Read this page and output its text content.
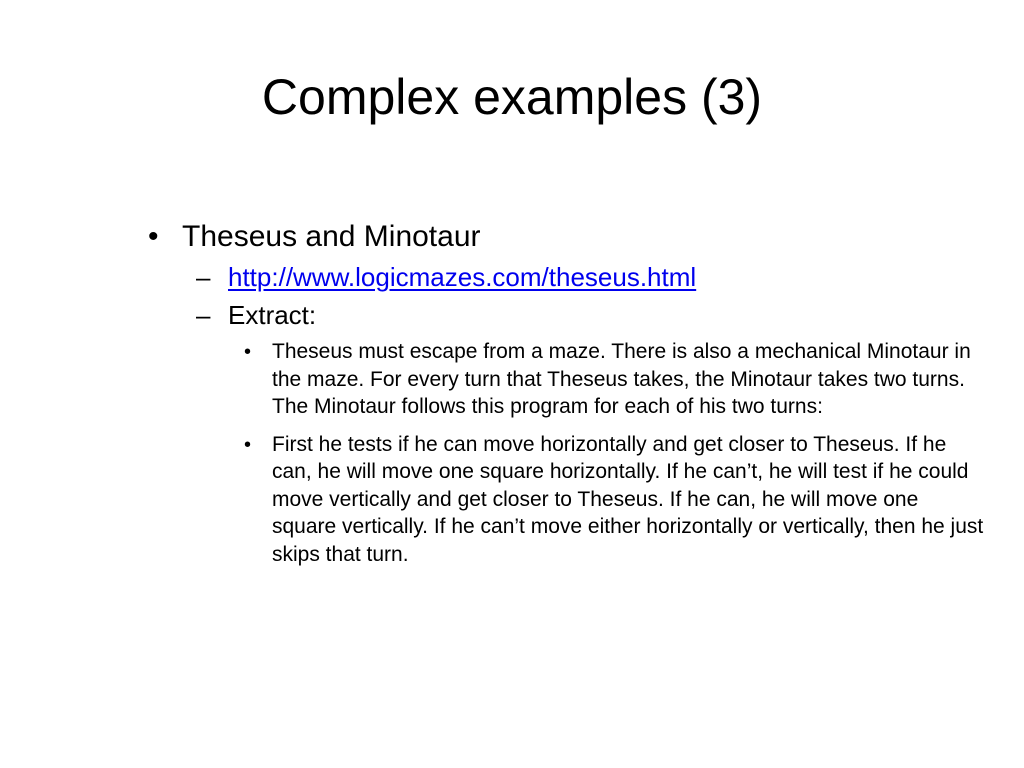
Complex examples (3)
• Theseus and Minotaur
– http://www.logicmazes.com/theseus.html
– Extract:
• Theseus must escape from a maze. There is also a mechanical Minotaur in the maze. For every turn that Theseus takes, the Minotaur takes two turns. The Minotaur follows this program for each of his two turns:
• First he tests if he can move horizontally and get closer to Theseus. If he can, he will move one square horizontally. If he can’t, he will test if he could move vertically and get closer to Theseus. If he can, he will move one square vertically. If he can’t move either horizontally or vertically, then he just skips that turn.
